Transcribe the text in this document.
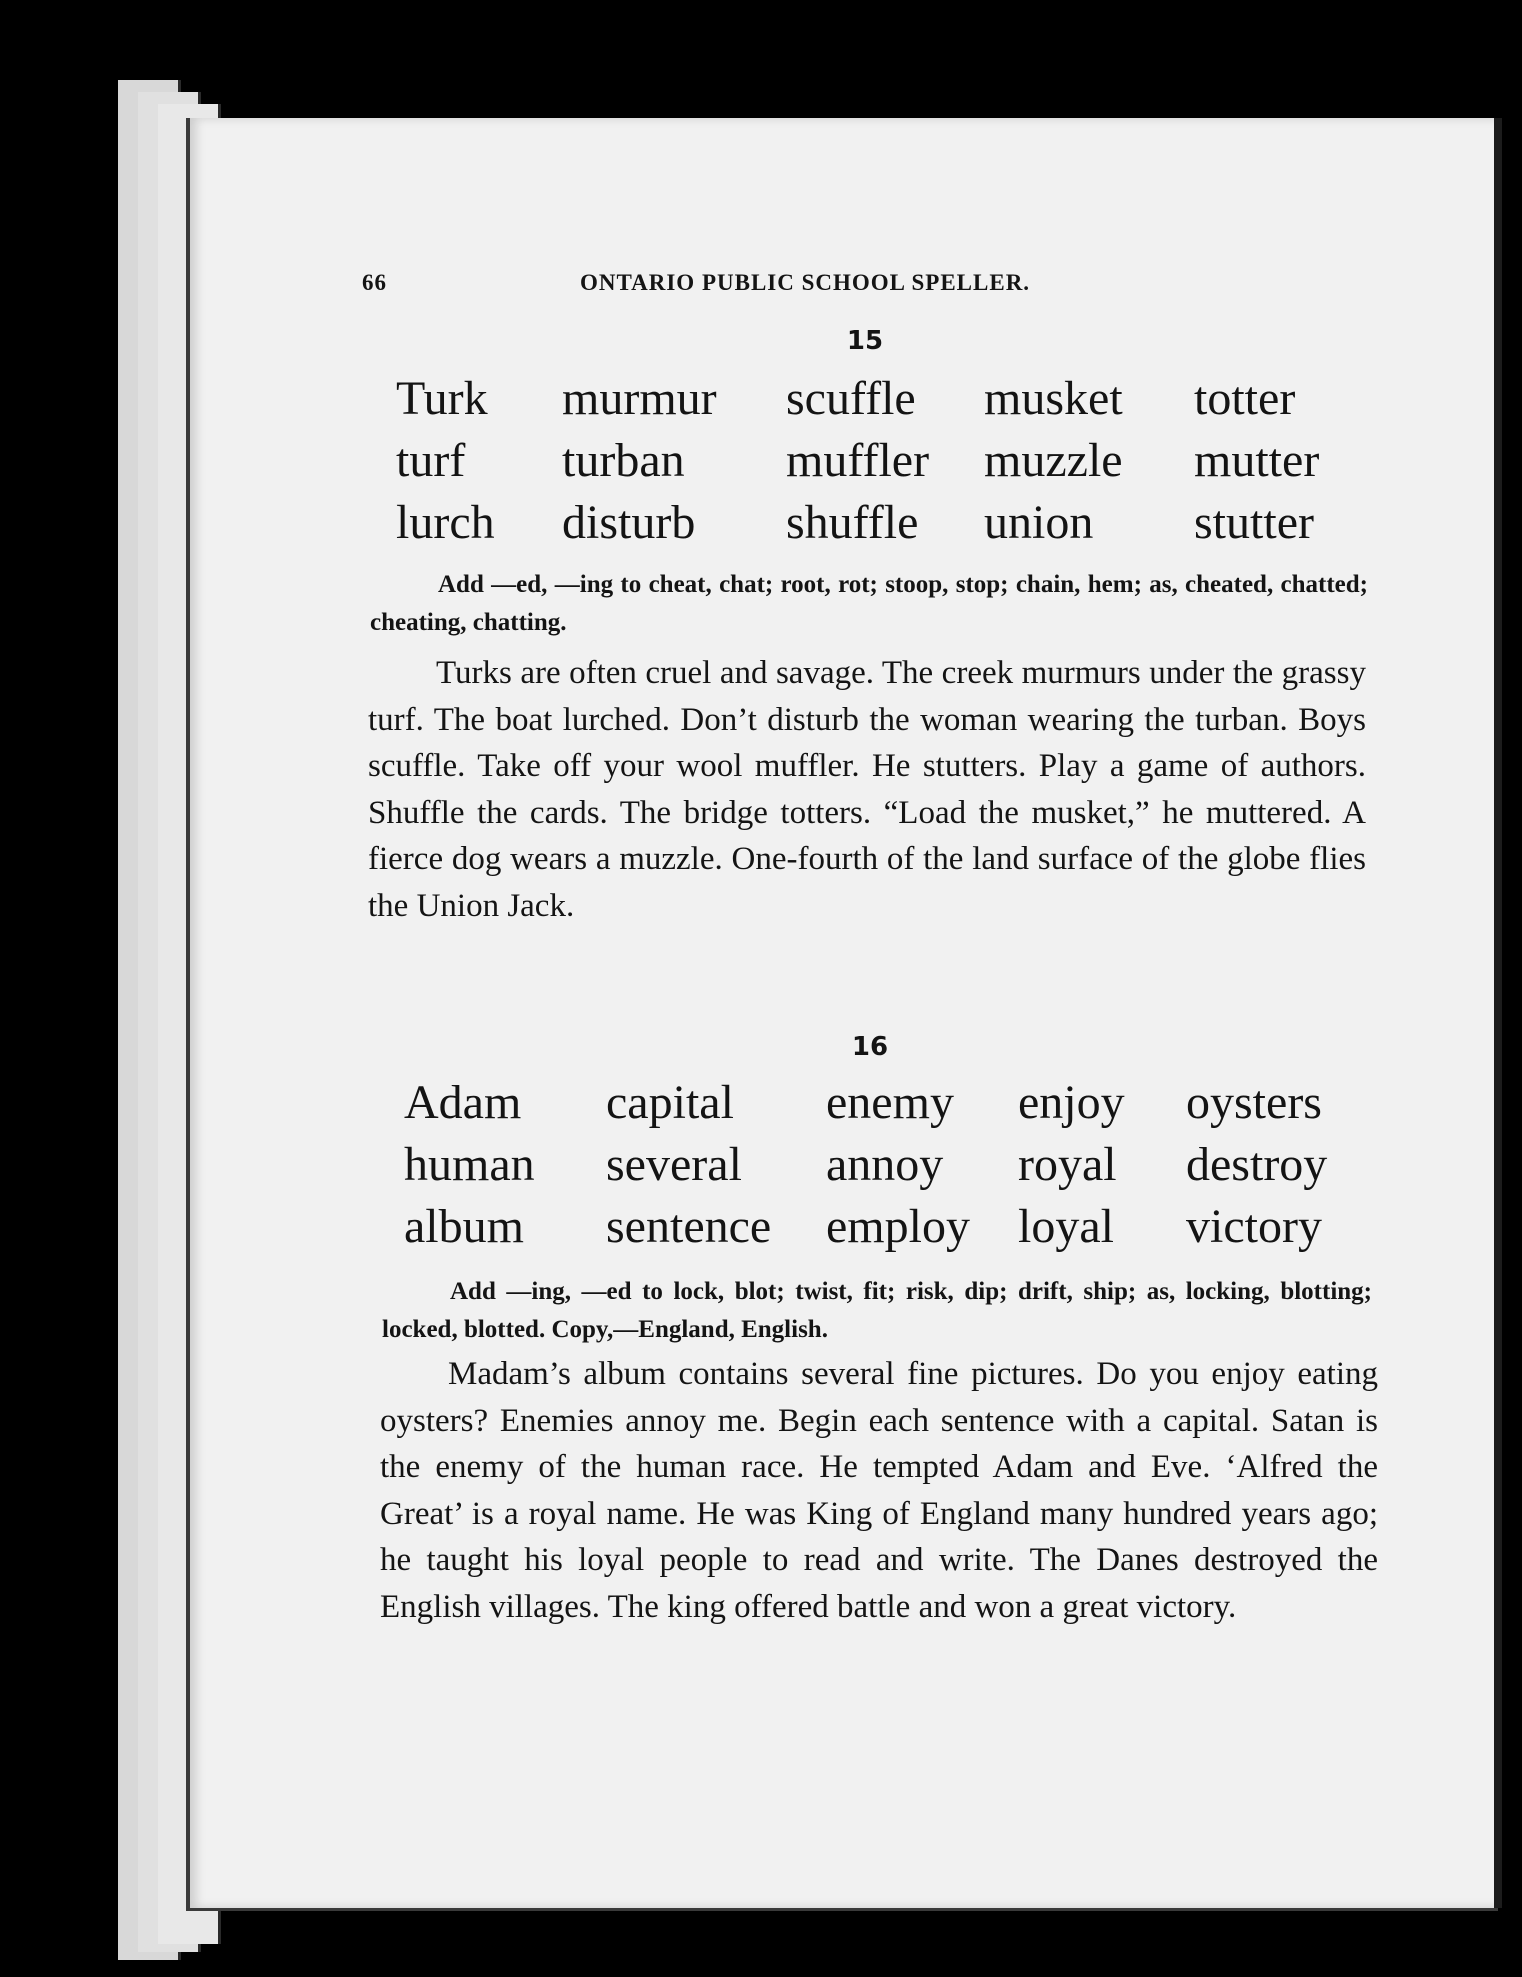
66	ONTARIO PUBLIC SCHOOL SPELLER.
15
Turk	murmur	scuffle	musket	totter
turf	turban	muffler	muzzle	mutter
lurch	disturb	shuffle	union	stutter

Add —ed, —ing to cheat, chat; root, rot; stoop, stop; chain, hem; as, cheated, chatted; cheating, chatting.

Turks are often cruel and savage. The creek murmurs under the grassy turf. The boat lurched. Don’t disturb the woman wearing the turban. Boys scuffle. Take off your wool muffler. He stutters. Play a game of authors. Shuffle the cards. The bridge totters. “Load the musket,” he muttered. A fierce dog wears a muzzle. One-fourth of the land surface of the globe flies the Union Jack.
16
Adam	capital	enemy	enjoy	oysters
human	several	annoy	royal	destroy
album	sentence	employ	loyal	victory

Add —ing, —ed to lock, blot; twist, fit; risk, dip; drift, ship; as, locking, blotting; locked, blotted. Copy,—England, English.

Madam’s album contains several fine pictures. Do you enjoy eating oysters? Enemies annoy me. Begin each sentence with a capital. Satan is the enemy of the human race. He tempted Adam and Eve. ‘Alfred the Great’ is a royal name. He was King of England many hundred years ago; he taught his loyal people to read and write. The Danes destroyed the English villages. The king offered battle and won a great victory.
